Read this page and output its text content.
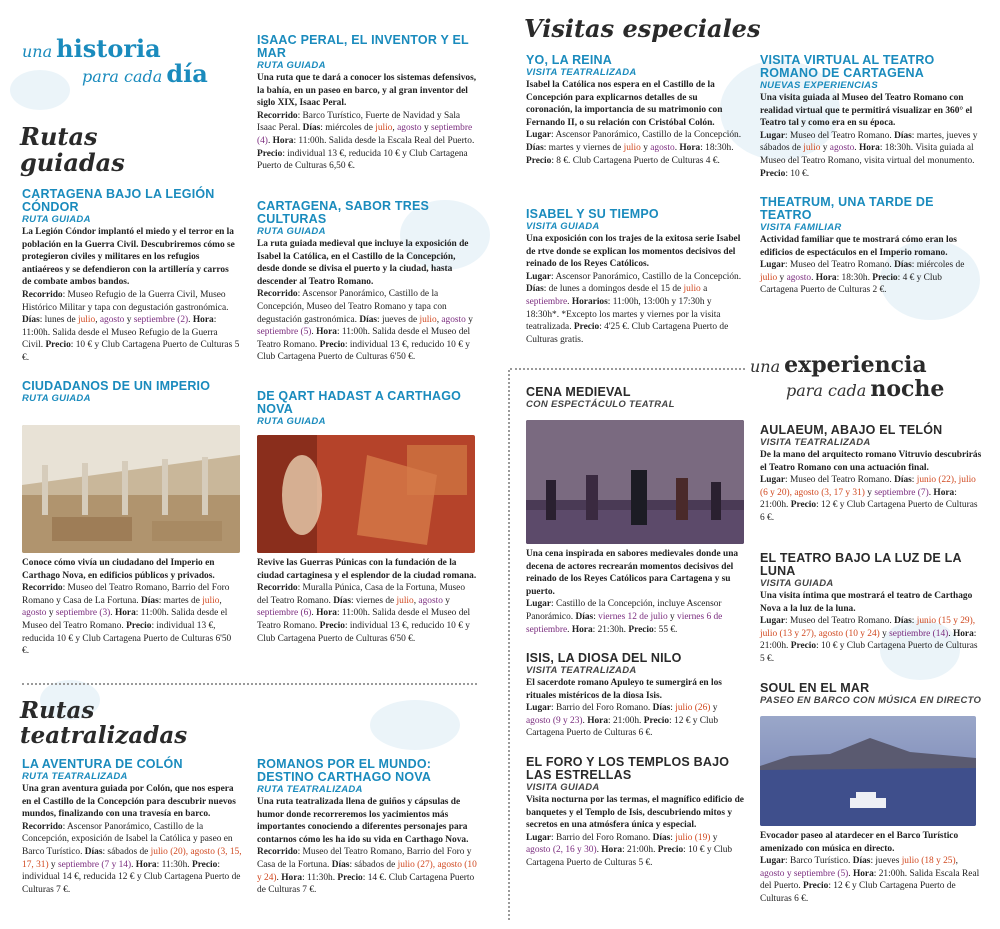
una historia
para cada día
Rutas guiadas

CARTAGENA BAJO LA LEGIÓN CÓNDOR

RUTA GUIADA

La Legión Cóndor implantó el miedo y el terror en la población en la Guerra Civil. Descubriremos cómo se protegieron civiles y militares en los refugios antiaéreos y se defendieron con la artillería y carros de combate ambos bandos.
Recorrido: Museo Refugio de la Guerra Civil, Museo Histórico Militar y tapa con degustación gastronómica. Días: lunes de julio, agosto y septiembre (2). Hora: 11:00h. Salida desde el Museo Refugio de la Guerra Civil. Precio: 10 € y Club Cartagena Puerto de Culturas 5 €.

CIUDADANOS DE UN IMPERIO

RUTA GUIADA

Conoce cómo vivía un ciudadano del Imperio en Carthago Nova, en edificios públicos y privados.
Recorrido: Museo del Teatro Romano, Barrio del Foro Romano y Casa de La Fortuna. Días: martes de julio, agosto y septiembre (3). Hora: 11:00h. Salida desde el Museo del Teatro Romano. Precio: individual 13 €, reducida 10 € y Club Cartagena Puerto de Culturas 6'50 €.

ISAAC PERAL, EL INVENTOR Y EL MAR

RUTA GUIADA

Una ruta que te dará a conocer los sistemas defensivos, la bahía, en un paseo en barco, y al gran inventor del siglo XIX, Isaac Peral.
Recorrido: Barco Turístico, Fuerte de Navidad y Sala Isaac Peral. Días: miércoles de julio, agosto y septiembre (4). Hora: 11:00h. Salida desde la Escala Real del Puerto. Precio: individual 13 €, reducida 10 € y Club Cartagena Puerto de Culturas 6,50 €.

CARTAGENA, SABOR TRES CULTURAS

RUTA GUIADA

La ruta guiada medieval que incluye la exposición de Isabel la Católica, en el Castillo de la Concepción, desde donde se divisa el puerto y la ciudad, hasta descender al Teatro Romano.
Recorrido: Ascensor Panorámico, Castillo de la Concepción, Museo del Teatro Romano y tapa con degustación gastronómica. Días: jueves de julio, agosto y septiembre (5). Hora: 11:00h. Salida desde el Museo del Teatro Romano. Precio: individual 13 €, reducido 10 € y Club Cartagena Puerto de Culturas 6'50 €.

DE QART HADAST A CARTHAGO NOVA

RUTA GUIADA

Revive las Guerras Púnicas con la fundación de la ciudad cartaginesa y el esplendor de la ciudad romana.
Recorrido: Muralla Púnica, Casa de la Fortuna, Museo del Teatro Romano. Días: viernes de julio, agosto y septiembre (6). Hora: 11:00h. Salida desde el Museo del Teatro Romano. Precio: individual 13 €, reducido 10 € y Club Cartagena Puerto de Culturas 6'50 €.

Rutas teatralizadas

LA AVENTURA DE COLÓN

RUTA TEATRALIZADA

Una gran aventura guiada por Colón, que nos espera en el Castillo de la Concepción para descubrir nuevos mundos, finalizando con una travesía en barco.
Recorrido: Ascensor Panorámico, Castillo de la Concepción, exposición de Isabel la Católica y paseo en Barco Turístico. Días: sábados de julio (20), agosto (3, 15, 17, 31) y septiembre (7 y 14). Hora: 11:30h. Precio: individual 14 €, reducida 12 € y Club Cartagena Puerto de Culturas 7 €.

ROMANOS POR EL MUNDO: DESTINO CARTHAGO NOVA

RUTA TEATRALIZADA

Una ruta teatralizada llena de guiños y cápsulas de humor donde recorreremos los yacimientos más importantes conociendo a diferentes personajes para contarnos cómo les ha ido su vida en Carthago Nova.
Recorrido: Museo del Teatro Romano, Barrio del Foro y Casa de la Fortuna. Días: sábados de julio (27), agosto (10 y 24). Hora: 11:30h. Precio: 14 €. Club Cartagena Puerto de Culturas 7 €.

Visitas especiales

YO, LA REINA

VISITA TEATRALIZADA

Isabel la Católica nos espera en el Castillo de la Concepción para explicarnos detalles de su coronación, la importancia de su matrimonio con Fernando II, o su relación con Cristóbal Colón.
Lugar: Ascensor Panorámico, Castillo de la Concepción. Días: martes y viernes de julio y agosto. Hora: 18:30h. Precio: 8 €. Club Cartagena Puerto de Culturas 4 €.

ISABEL Y SU TIEMPO

VISITA GUIADA

Una exposición con los trajes de la exitosa serie Isabel de rtve donde se explican los momentos decisivos del reinado de los Reyes Católicos.
Lugar: Ascensor Panorámico, Castillo de la Concepción. Días: de lunes a domingos desde el 15 de julio a septiembre. Horarios: 11:00h, 13:00h y 17:30h y 18:30h*. *Excepto los martes y viernes por la visita teatralizada. Precio: 4'25 €. Club Cartagena Puerto de Culturas gratis.

VISITA VIRTUAL AL TEATRO ROMANO DE CARTAGENA

NUEVAS EXPERIENCIAS

Una visita guiada al Museo del Teatro Romano con realidad virtual que te permitirá visualizar en 360° el Teatro tal y como era en su época.
Lugar: Museo del Teatro Romano. Días: martes, jueves y sábados de julio y agosto. Hora: 18:30h. Visita guiada al Museo del Teatro Romano, visita virtual del monumento. Precio: 10 €.

THEATRUM, UNA TARDE DE TEATRO

VISITA FAMILIAR

Actividad familiar que te mostrará cómo eran los edificios de espectáculos en el Imperio romano.
Lugar: Museo del Teatro Romano. Días: miércoles de julio y agosto. Hora: 18:30h. Precio: 4 € y Club Cartagena Puerto de Culturas 2 €.

una experiencia
para cada noche

CENA MEDIEVAL

CON ESPECTÁCULO TEATRAL

Una cena inspirada en sabores medievales donde una decena de actores recrearán momentos decisivos del reinado de los Reyes Católicos para Cartagena y su puerto.
Lugar: Castillo de la Concepción, incluye Ascensor Panorámico. Días: viernes 12 de julio y viernes 6 de septiembre. Hora: 21:30h. Precio: 55 €.

ISIS, LA DIOSA DEL NILO

VISITA TEATRALIZADA

El sacerdote romano Apuleyo te sumergirá en los rituales mistéricos de la diosa Isis.
Lugar: Barrio del Foro Romano. Días: julio (26) y agosto (9 y 23). Hora: 21:00h. Precio: 12 € y Club Cartagena Puerto de Culturas 6 €.

EL FORO Y LOS TEMPLOS BAJO LAS ESTRELLAS

VISITA GUIADA

Visita nocturna por las termas, el magnífico edificio de banquetes y el Templo de Isis, descubriendo mitos y secretos en una atmósfera única y especial.
Lugar: Barrio del Foro Romano. Días: julio (19) y agosto (2, 16 y 30). Hora: 21:00h. Precio: 10 € y Club Cartagena Puerto de Culturas 5 €.

AULAEUM, ABAJO EL TELÓN

VISITA TEATRALIZADA

De la mano del arquitecto romano Vitruvio descubrirás el Teatro Romano con una actuación final.
Lugar: Museo del Teatro Romano. Días: junio (22), julio (6 y 20), agosto (3, 17 y 31) y septiembre (7). Hora: 21:00h. Precio: 12 € y Club Cartagena Puerto de Culturas 6 €.

EL TEATRO BAJO LA LUZ DE LA LUNA

VISITA GUIADA

Una visita íntima que mostrará el teatro de Carthago Nova a la luz de la luna.
Lugar: Museo del Teatro Romano. Días: junio (15 y 29), julio (13 y 27), agosto (10 y 24) y septiembre (14). Hora: 21:00h. Precio: 10 € y Club Cartagena Puerto de Culturas 5 €.

SOUL EN EL MAR

PASEO EN BARCO CON MÚSICA EN DIRECTO

Evocador paseo al atardecer en el Barco Turístico amenizado con música en directo.
Lugar: Barco Turístico. Días: jueves julio (18 y 25), agosto y septiembre (5). Hora: 21:00h. Salida Escala Real del Puerto. Precio: 12 € y Club Cartagena Puerto de Culturas 6 €.
